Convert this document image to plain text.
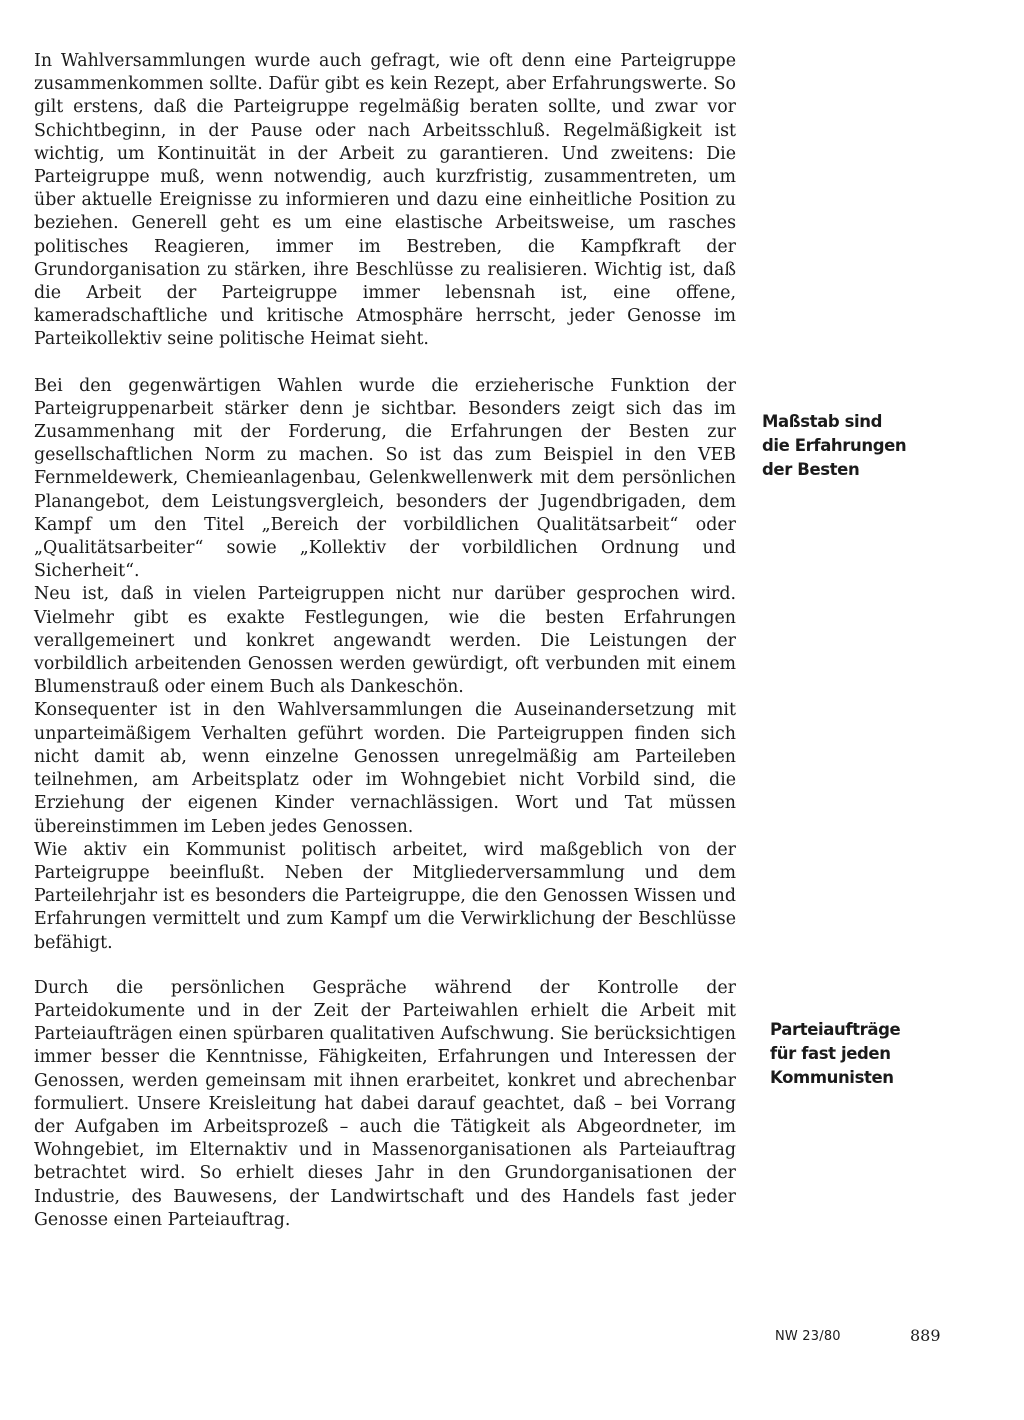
In Wahlversammlungen wurde auch gefragt, wie oft denn eine Parteigruppe zusammenkommen sollte. Dafür gibt es kein Rezept, aber Erfahrungswerte. So gilt erstens, daß die Parteigruppe regelmäßig beraten sollte, und zwar vor Schichtbeginn, in der Pause oder nach Arbeitsschluß. Regelmäßigkeit ist wichtig, um Kontinuität in der Arbeit zu garantieren. Und zweitens: Die Parteigruppe muß, wenn notwendig, auch kurzfristig, zusammentreten, um über aktuelle Ereignisse zu informieren und dazu eine einheitliche Position zu beziehen. Generell geht es um eine elastische Arbeitsweise, um rasches politisches Reagieren, immer im Bestreben, die Kampfkraft der Grundorganisation zu stärken, ihre Beschlüsse zu realisieren. Wichtig ist, daß die Arbeit der Parteigruppe immer lebensnah ist, eine offene, kameradschaftliche und kritische Atmosphäre herrscht, jeder Genosse im Parteikollektiv seine politische Heimat sieht.

Bei den gegenwärtigen Wahlen wurde die erzieherische Funktion der Parteigruppenarbeit stärker denn je sichtbar. Besonders zeigt sich das im Zusammenhang mit der Forderung, die Erfahrungen der Besten zur gesellschaftlichen Norm zu machen. So ist das zum Beispiel in den VEB Fernmeldewerk, Chemieanlagenbau, Gelenkwellenwerk mit dem persönlichen Planangebot, dem Leistungsvergleich, besonders der Jugendbrigaden, dem Kampf um den Titel „Bereich der vorbildlichen Qualitätsarbeit“ oder „Qualitätsarbeiter“ sowie „Kollektiv der vorbildlichen Ordnung und Sicherheit“.

Neu ist, daß in vielen Parteigruppen nicht nur darüber gesprochen wird. Vielmehr gibt es exakte Festlegungen, wie die besten Erfahrungen verallgemeinert und konkret angewandt werden. Die Leistungen der vorbildlich arbeitenden Genossen werden gewürdigt, oft verbunden mit einem Blumenstrauß oder einem Buch als Dankeschön.

Konsequenter ist in den Wahlversammlungen die Auseinandersetzung mit unparteimäßigem Verhalten geführt worden. Die Parteigruppen finden sich nicht damit ab, wenn einzelne Genossen unregelmäßig am Parteileben teilnehmen, am Arbeitsplatz oder im Wohngebiet nicht Vorbild sind, die Erziehung der eigenen Kinder vernachlässigen. Wort und Tat müssen übereinstimmen im Leben jedes Genossen.

Wie aktiv ein Kommunist politisch arbeitet, wird maßgeblich von der Parteigruppe beeinflußt. Neben der Mitgliederversammlung und dem Parteilehrjahr ist es besonders die Parteigruppe, die den Genossen Wissen und Erfahrungen vermittelt und zum Kampf um die Verwirklichung der Beschlüsse befähigt.

Durch die persönlichen Gespräche während der Kontrolle der Parteidokumente und in der Zeit der Parteiwahlen erhielt die Arbeit mit Parteiaufträgen einen spürbaren qualitativen Aufschwung. Sie berücksichtigen immer besser die Kenntnisse, Fähigkeiten, Erfahrungen und Interessen der Genossen, werden gemeinsam mit ihnen erarbeitet, konkret und abrechenbar formuliert. Unsere Kreisleitung hat dabei darauf geachtet, daß – bei Vorrang der Aufgaben im Arbeitsprozeß – auch die Tätigkeit als Abgeordneter, im Wohngebiet, im Elternaktiv und in Massenorganisationen als Parteiauftrag betrachtet wird. So erhielt dieses Jahr in den Grundorganisationen der Industrie, des Bauwesens, der Landwirtschaft und des Handels fast jeder Genosse einen Parteiauftrag.

Maßstab sind
die Erfahrungen
der Besten
Parteiaufträge
für fast jeden
Kommunisten
NW 23/80	889
